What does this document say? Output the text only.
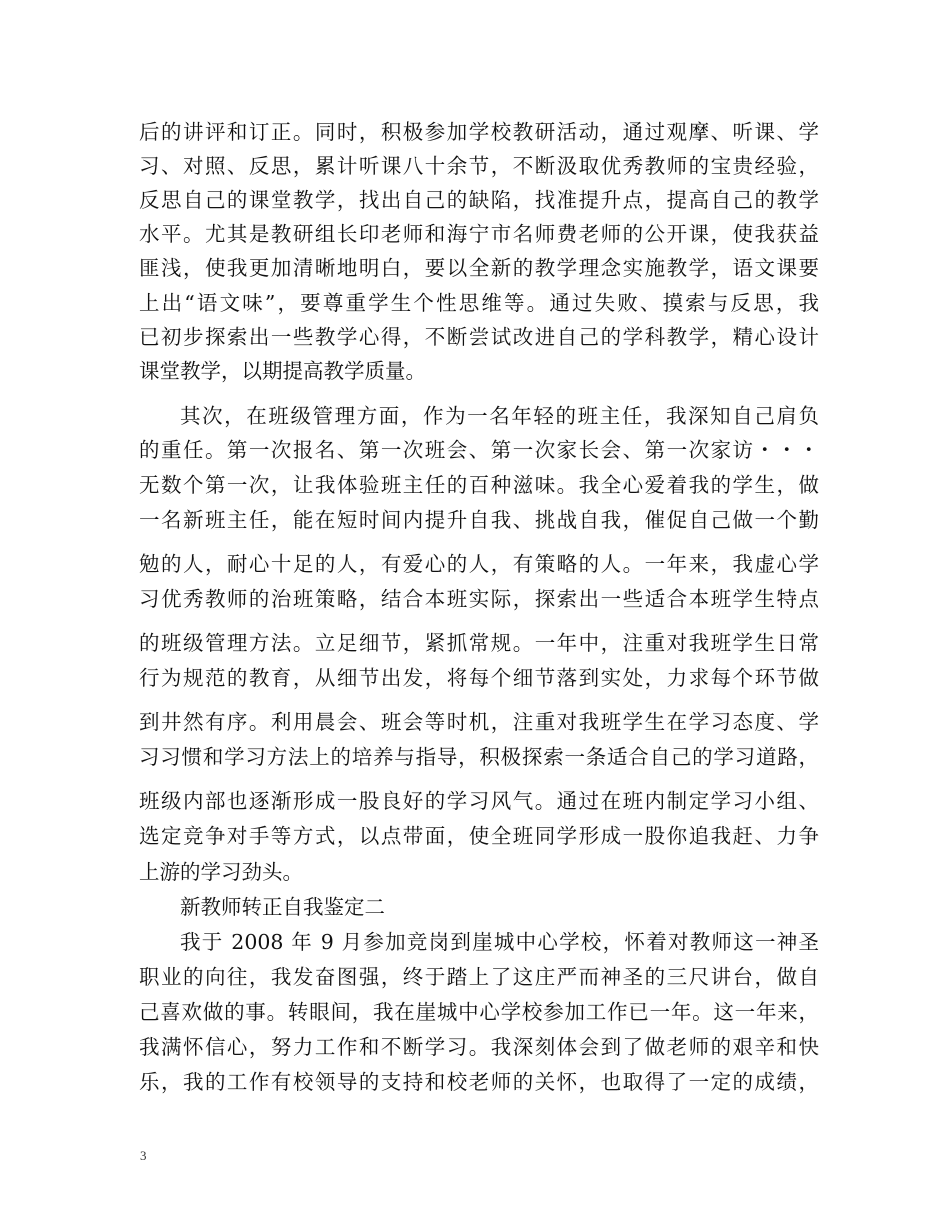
后的讲评和订正。同时，积极参加学校教研活动，通过观摩、听课、学
习、对照、反思，累计听课八十余节，不断汲取优秀教师的宝贵经验，
反思自己的课堂教学，找出自己的缺陷，找准提升点，提高自己的教学
水平。尤其是教研组长印老师和海宁市名师费老师的公开课，使我获益
匪浅，使我更加清晰地明白，要以全新的教学理念实施教学，语文课要
上出“语文味”，要尊重学生个性思维等。通过失败、摸索与反思，我
已初步探索出一些教学心得，不断尝试改进自己的学科教学，精心设计
课堂教学，以期提高教学质量。
其次，在班级管理方面，作为一名年轻的班主任，我深知自己肩负
的重任。第一次报名、第一次班会、第一次家长会、第一次家访・・・
无数个第一次，让我体验班主任的百种滋味。我全心爱着我的学生，做
一名新班主任，能在短时间内提升自我、挑战自我，催促自己做一个勤
勉的人，耐心十足的人，有爱心的人，有策略的人。一年来，我虚心学
习优秀教师的治班策略，结合本班实际，探索出一些适合本班学生特点
的班级管理方法。立足细节，紧抓常规。一年中，注重对我班学生日常
行为规范的教育，从细节出发，将每个细节落到实处，力求每个环节做
到井然有序。利用晨会、班会等时机，注重对我班学生在学习态度、学
习习惯和学习方法上的培养与指导，积极探索一条适合自己的学习道路，
班级内部也逐渐形成一股良好的学习风气。通过在班内制定学习小组、
选定竞争对手等方式，以点带面，使全班同学形成一股你追我赶、力争
上游的学习劲头。
新教师转正自我鉴定二
我于 2008 年 9 月参加竞岗到崖城中心学校，怀着对教师这一神圣
职业的向往，我发奋图强，终于踏上了这庄严而神圣的三尺讲台，做自
己喜欢做的事。转眼间，我在崖城中心学校参加工作已一年。这一年来，
我满怀信心，努力工作和不断学习。我深刻体会到了做老师的艰辛和快
乐，我的工作有校领导的支持和校老师的关怀，也取得了一定的成绩，
3
